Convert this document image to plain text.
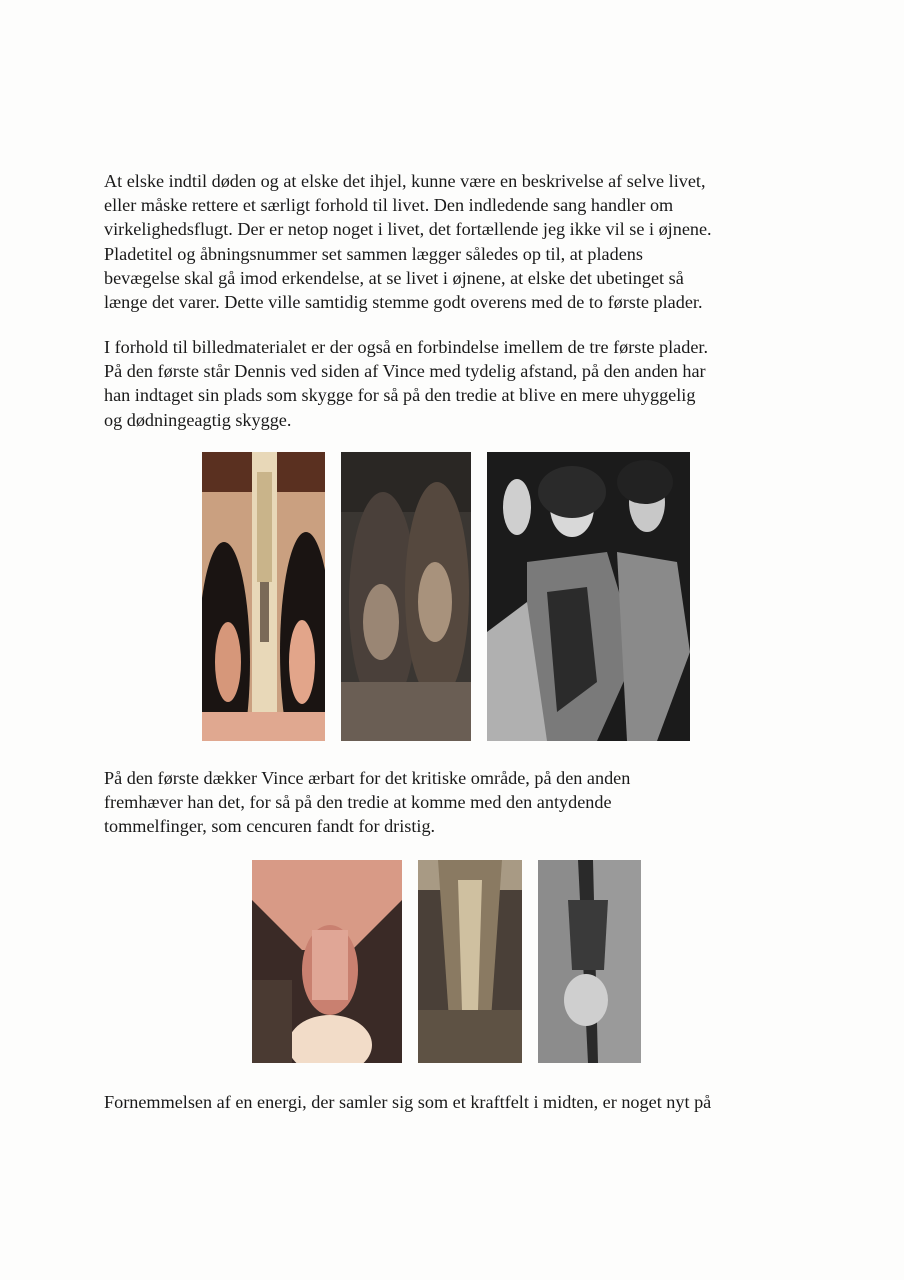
At elske indtil døden og at elske det ihjel, kunne være en beskrivelse af selve livet,
eller måske rettere et særligt forhold til livet. Den indledende sang handler om
virkelighedsflugt. Der er netop noget i livet, det fortællende jeg ikke vil se i øjnene.
Pladetitel og åbningsnummer set sammen lægger således op til, at pladens
bevægelse skal gå imod erkendelse, at se livet i øjnene, at elske det ubetinget så
længe det varer. Dette ville samtidig stemme godt overens med de to første plader.

I forhold til billedmaterialet er der også en forbindelse imellem de tre første plader.
På den første står Dennis ved siden af Vince med tydelig afstand, på den anden har
han indtaget sin plads som skygge for så på den tredie at blive en mere uhyggelig
og dødningeagtig skygge.

På den første dækker Vince ærbart for det kritiske område, på den anden
fremhæver han det, for så på den tredie at komme med den antydende
tommelfinger, som cencuren fandt for dristig.

Fornemmelsen af en energi, der samler sig som et kraftfelt i midten, er noget nyt på
